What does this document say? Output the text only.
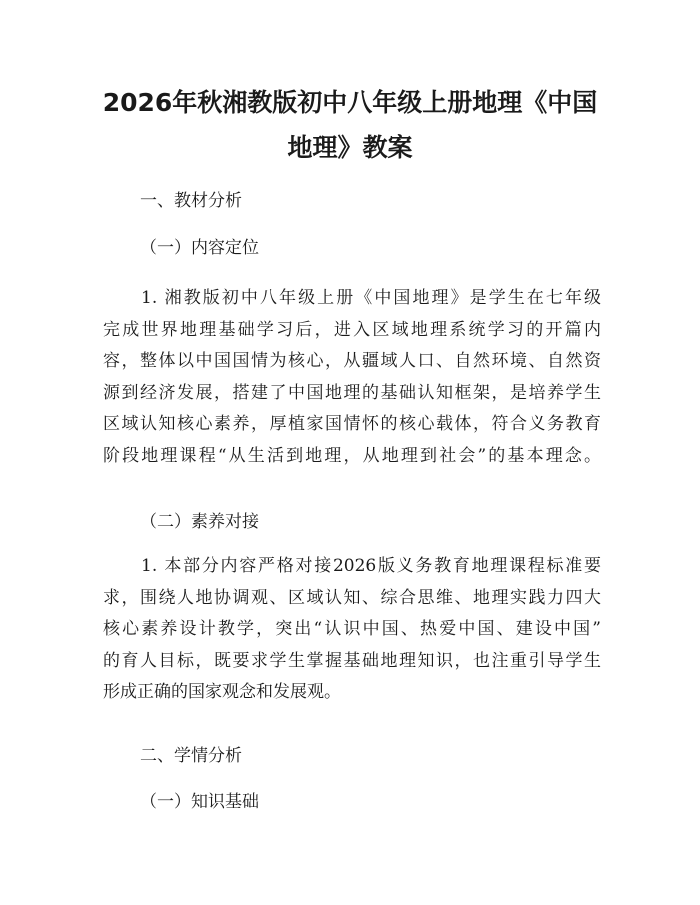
2026年秋湘教版初中八年级上册地理《中国
地理》教案

一、教材分析

（一）内容定位

1. 湘教版初中八年级上册《中国地理》是学生在七年级
完成世界地理基础学习后，进入区域地理系统学习的开篇内
容，整体以中国国情为核心，从疆域人口、自然环境、自然资
源到经济发展，搭建了中国地理的基础认知框架，是培养学生
区域认知核心素养，厚植家国情怀的核心载体，符合义务教育
阶段地理课程“从生活到地理，从地理到社会”的基本理念。

（二）素养对接

1. 本部分内容严格对接2026版义务教育地理课程标准要
求，围绕人地协调观、区域认知、综合思维、地理实践力四大
核心素养设计教学，突出“认识中国、热爱中国、建设中国”
的育人目标，既要求学生掌握基础地理知识，也注重引导学生
形成正确的国家观念和发展观。

二、学情分析

（一）知识基础
